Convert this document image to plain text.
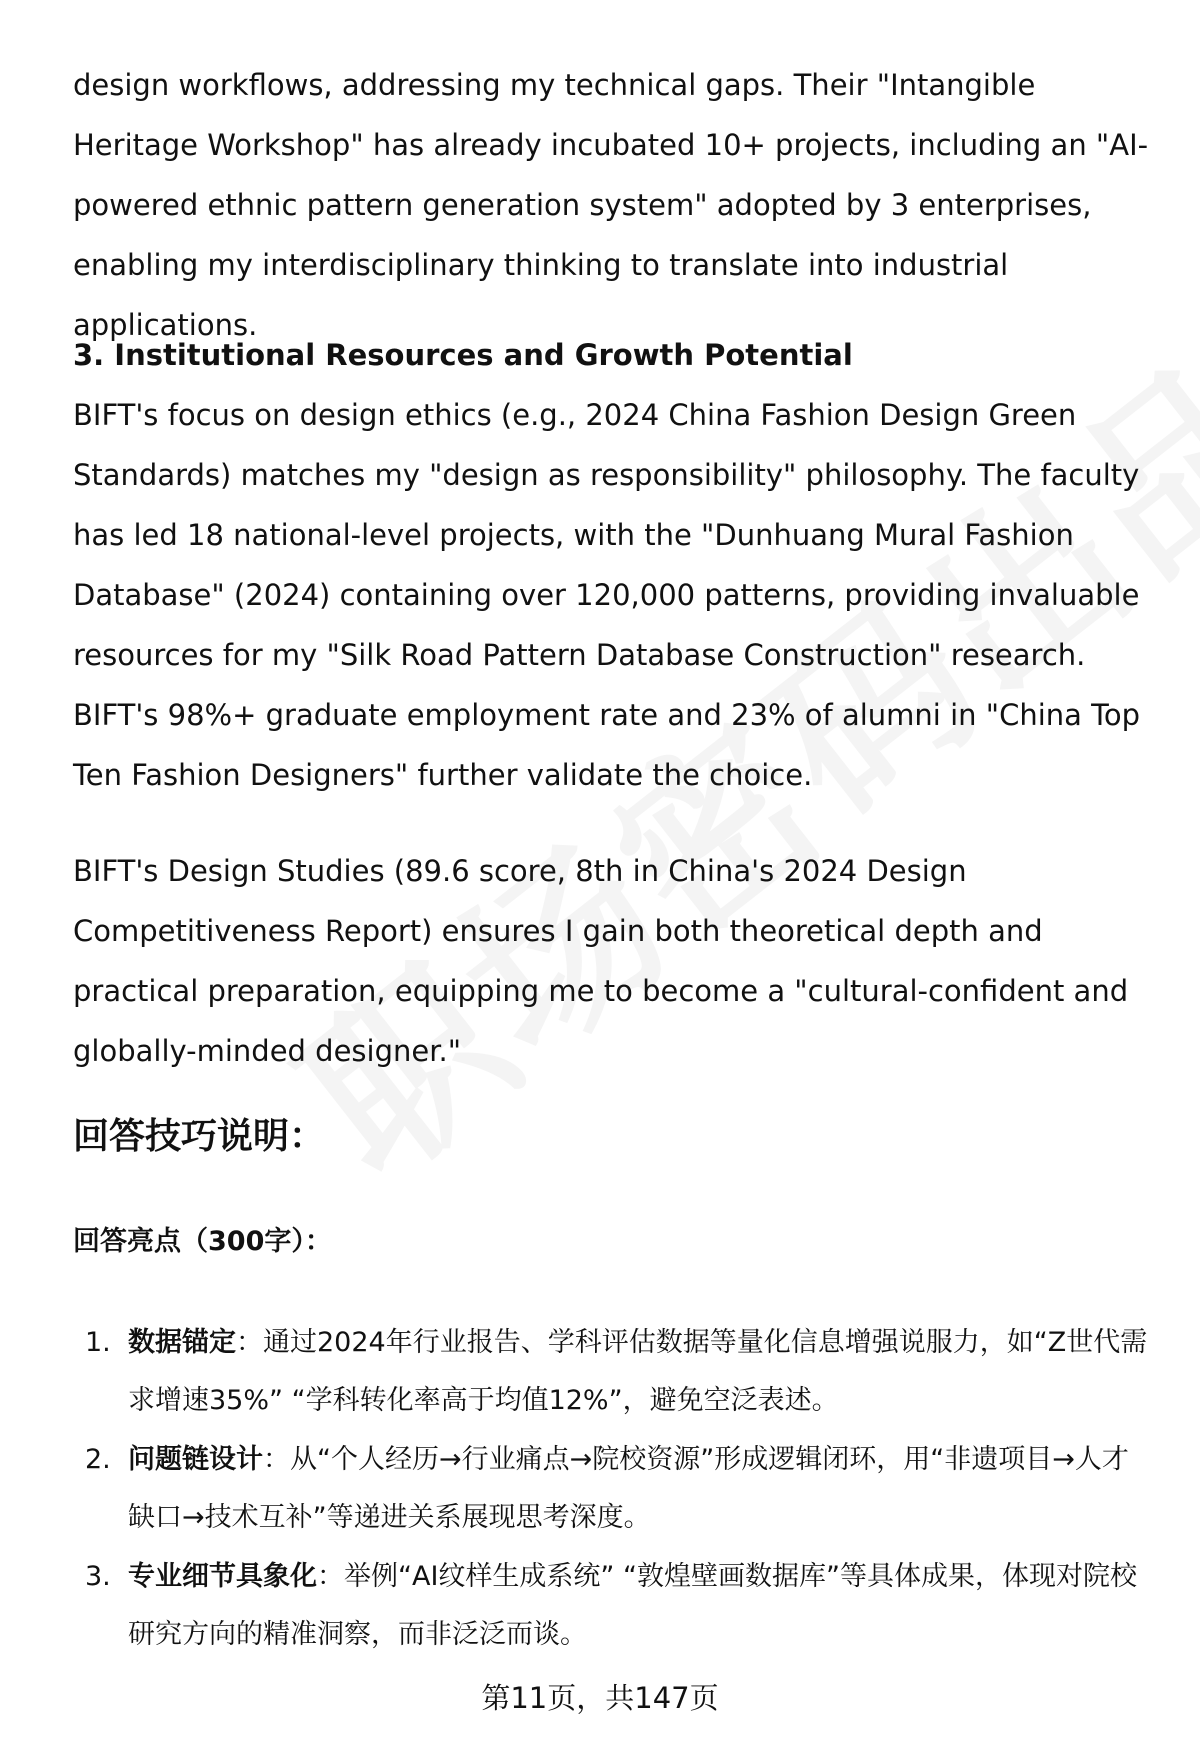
design workflows, addressing my technical gaps. Their "Intangible Heritage Workshop" has already incubated 10+ projects, including an "AI-powered ethnic pattern generation system" adopted by 3 enterprises, enabling my interdisciplinary thinking to translate into industrial applications.

3. Institutional Resources and Growth Potential

BIFT's focus on design ethics (e.g., 2024 China Fashion Design Green Standards) matches my "design as responsibility" philosophy. The faculty has led 18 national-level projects, with the "Dunhuang Mural Fashion Database" (2024) containing over 120,000 patterns, providing invaluable resources for my "Silk Road Pattern Database Construction" research. BIFT's 98%+ graduate employment rate and 23% of alumni in "China Top Ten Fashion Designers" further validate the choice.

BIFT's Design Studies (89.6 score, 8th in China's 2024 Design Competitiveness Report) ensures I gain both theoretical depth and practical preparation, equipping me to become a "cultural-confident and globally-minded designer."

回答技巧说明：
回答亮点（300字）：
1. 数据锚定：通过2024年行业报告、学科评估数据等量化信息增强说服力，如“Z世代需求增速35%” “学科转化率高于均值12%”，避免空泛表述。
2. 问题链设计：从“个人经历→行业痛点→院校资源”形成逻辑闭环，用“非遗项目→人才缺口→技术互补”等递进关系展现思考深度。
3. 专业细节具象化：举例“AI纹样生成系统” “敦煌壁画数据库”等具体成果，体现对院校研究方向的精准洞察，而非泛泛而谈。
第11页，共147页
